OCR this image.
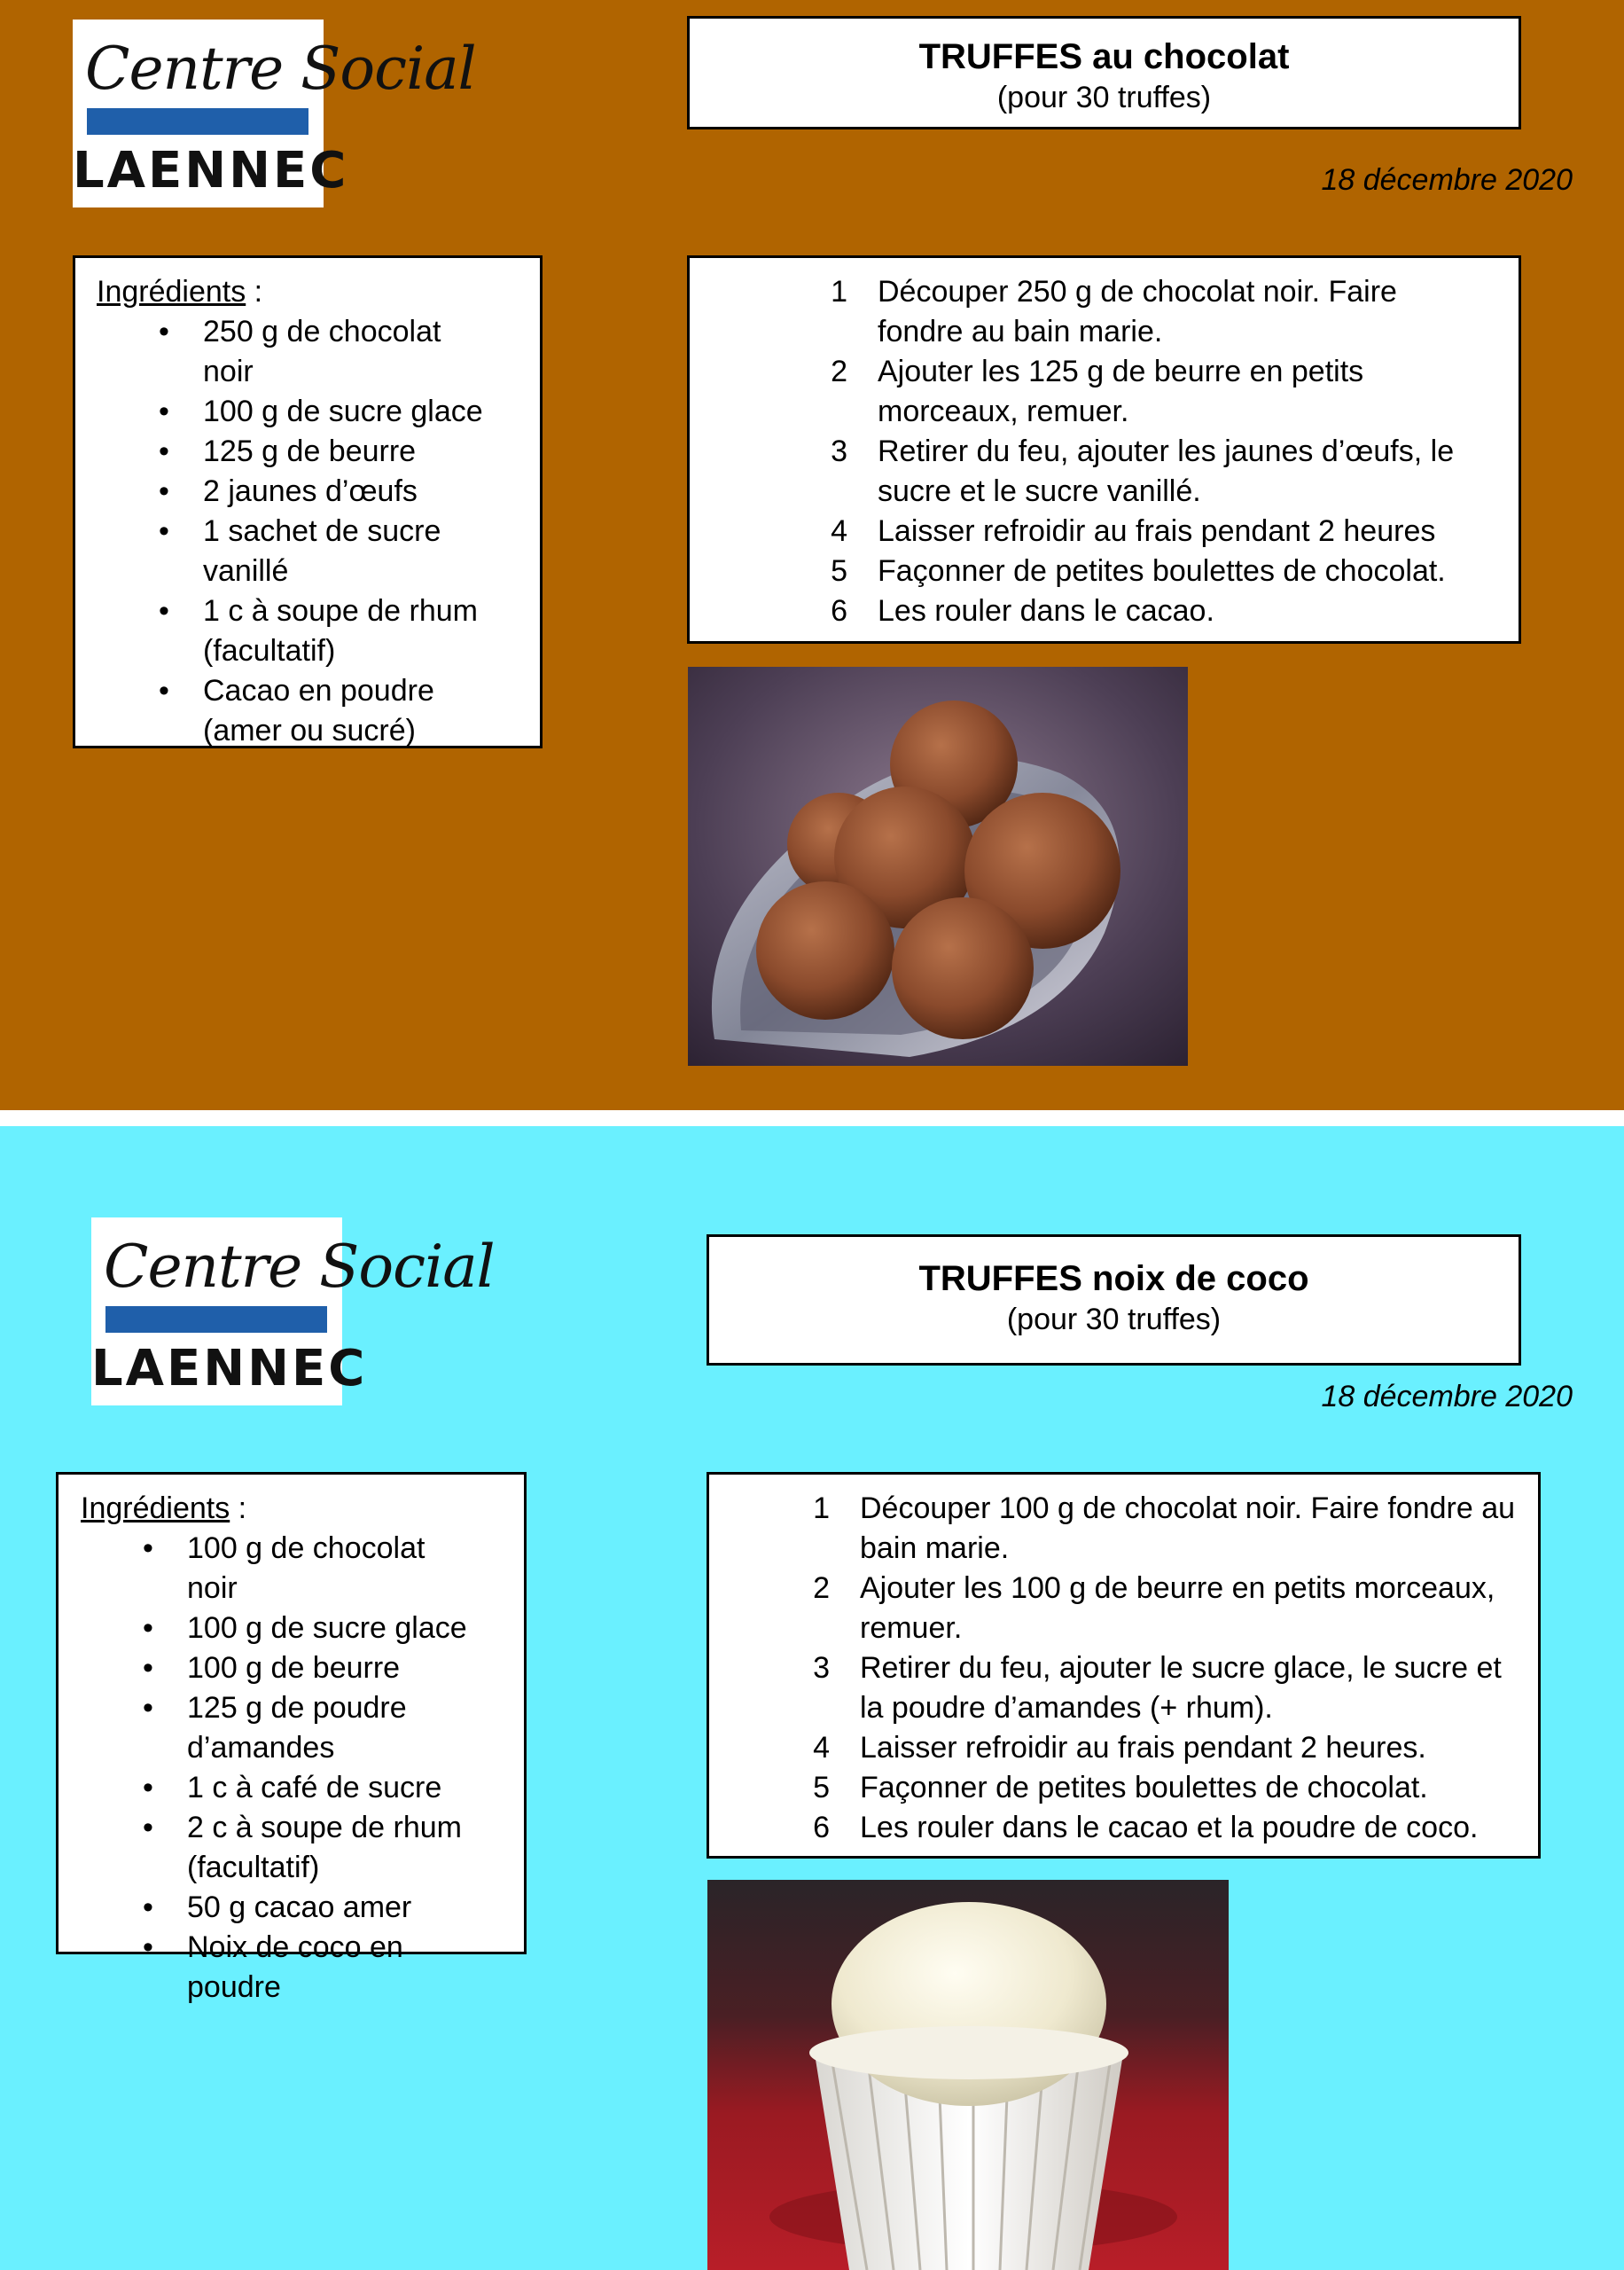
Centre Social
LAENNEC
TRUFFES au chocolat
(pour 30 truffes)
18 décembre 2020
Ingrédients :
• 250 g de chocolat noir
• 100 g de sucre glace
• 125 g de beurre
• 2 jaunes d’œufs
• 1 sachet de sucre vanillé
• 1 c à soupe de rhum (facultatif)
• Cacao en poudre (amer ou sucré)
1 Découper 250 g de chocolat noir. Faire fondre au bain marie.
2 Ajouter les 125 g de beurre en petits morceaux, remuer.
3 Retirer du feu, ajouter les jaunes d’œufs, le sucre et le sucre vanillé.
4 Laisser refroidir au frais pendant 2 heures
5 Façonner de petites boulettes de chocolat.
6 Les rouler dans le cacao.
Centre Social
LAENNEC
TRUFFES noix de coco
(pour 30 truffes)
18 décembre 2020
Ingrédients :
• 100 g de chocolat noir
• 100 g de sucre glace
• 100 g de beurre
• 125 g de poudre d’amandes
• 1 c à café de sucre
• 2 c à soupe de rhum (facultatif)
• 50 g cacao amer
• Noix de coco en poudre
1 Découper 100 g de chocolat noir. Faire fondre au bain marie.
2 Ajouter les 100 g de beurre en petits morceaux, remuer.
3 Retirer du feu, ajouter le sucre glace, le sucre et la poudre d’amandes (+ rhum).
4 Laisser refroidir au frais pendant 2 heures.
5 Façonner de petites boulettes de chocolat.
6 Les rouler dans le cacao et la poudre de coco.
